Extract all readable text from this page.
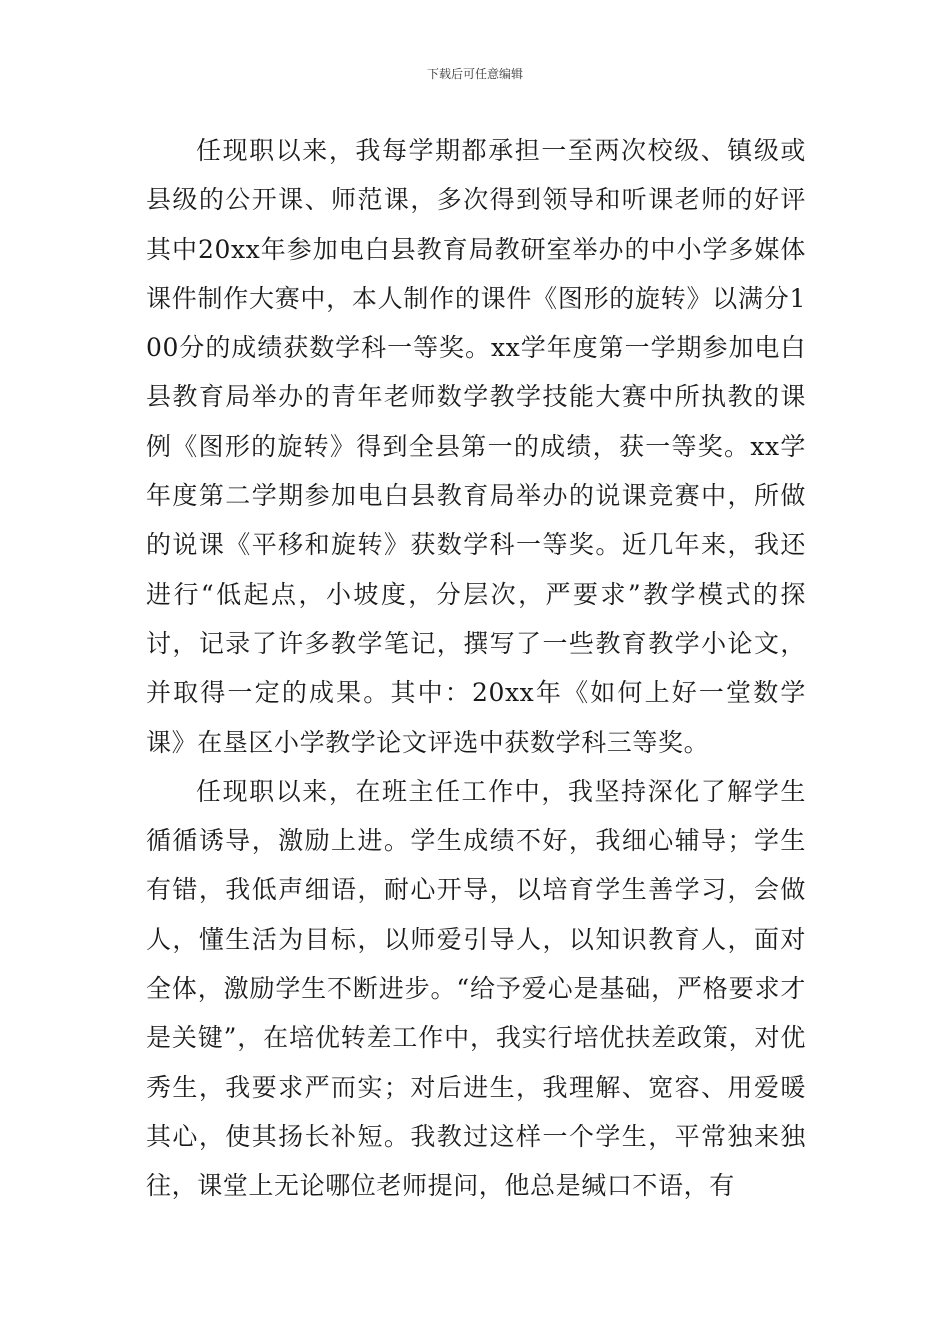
下载后可任意编辑

任现职以来，我每学期都承担一至两次校级、镇级或县级的公开课、师范课，多次得到领导和听课老师的好评其中20xx年参加电白县教育局教研室举办的中小学多媒体课件制作大赛中，本人制作的课件《图形的旋转》以满分100分的成绩获数学科一等奖。xx学年度第一学期参加电白县教育局举办的青年老师数学教学技能大赛中所执教的课例《图形的旋转》得到全县第一的成绩，获一等奖。xx学年度第二学期参加电白县教育局举办的说课竞赛中，所做的说课《平移和旋转》获数学科一等奖。近几年来，我还进行“低起点，小坡度，分层次，严要求”教学模式的探讨，记录了许多教学笔记，撰写了一些教育教学小论文，并取得一定的成果。其中：20xx年《如何上好一堂数学课》在垦区小学教学论文评选中获数学科三等奖。

任现职以来，在班主任工作中，我坚持深化了解学生循循诱导，激励上进。学生成绩不好，我细心辅导；学生有错，我低声细语，耐心开导，以培育学生善学习，会做人，懂生活为目标，以师爱引导人，以知识教育人，面对全体，激励学生不断进步。“给予爱心是基础，严格要求才是关键”，在培优转差工作中，我实行培优扶差政策，对优秀生，我要求严而实；对后进生，我理解、宽容、用爱暖其心，使其扬长补短。我教过这样一个学生，平常独来独往，课堂上无论哪位老师提问，他总是缄口不语，有
